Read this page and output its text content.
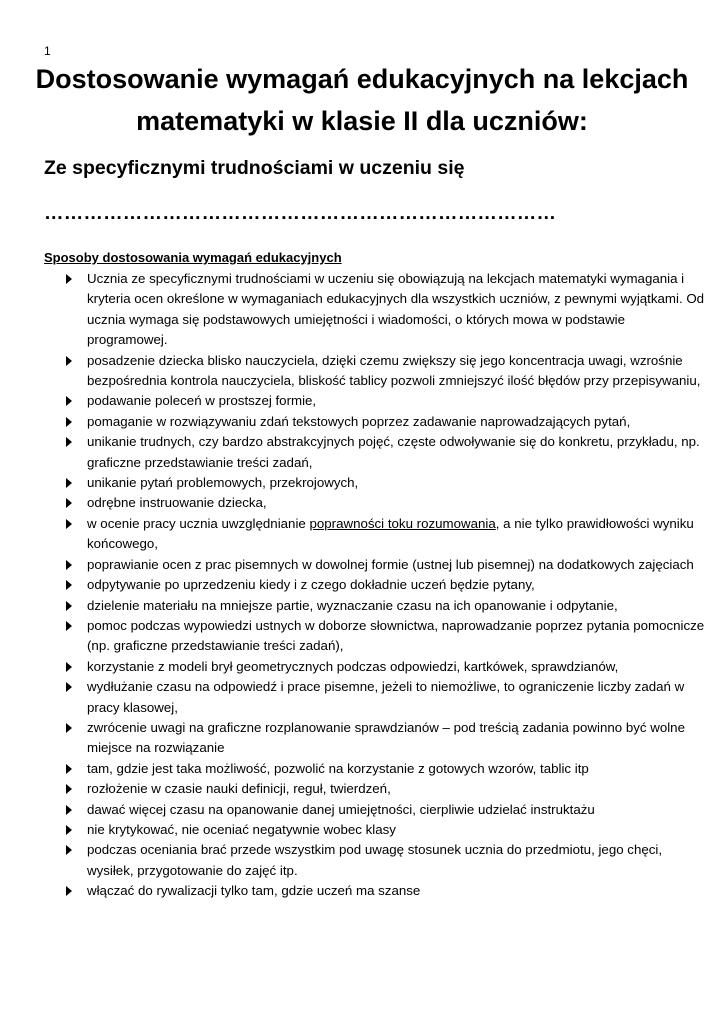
1
Dostosowanie wymagań edukacyjnych na lekcjach
matematyki w klasie II dla uczniów:
Ze specyficznymi trudnościami w uczeniu się
……………………………………………………………………
Sposoby dostosowania wymagań edukacyjnych
Ucznia ze specyficznymi trudnościami w uczeniu się obowiązują na lekcjach matematyki wymagania i kryteria ocen określone w wymaganiach edukacyjnych dla wszystkich uczniów, z pewnymi wyjątkami. Od ucznia wymaga się podstawowych umiejętności i wiadomości, o których mowa w podstawie programowej.
posadzenie dziecka blisko nauczyciela, dzięki czemu zwiększy się jego koncentracja uwagi, wzrośnie bezpośrednia kontrola nauczyciela, bliskość tablicy pozwoli zmniejszyć ilość błędów przy przepisywaniu,
podawanie poleceń w prostszej formie,
pomaganie w rozwiązywaniu zdań tekstowych poprzez zadawanie naprowadzających pytań,
unikanie trudnych, czy bardzo abstrakcyjnych pojęć, częste odwoływanie się do konkretu, przykładu, np. graficzne przedstawianie treści zadań,
unikanie pytań problemowych, przekrojowych,
odrębne instruowanie dziecka,
w ocenie pracy ucznia uwzględnianie poprawności toku rozumowania, a nie tylko prawidłowości wyniku końcowego,
poprawianie ocen z prac pisemnych w dowolnej formie (ustnej lub pisemnej) na dodatkowych zajęciach
odpytywanie po uprzedzeniu kiedy i z czego dokładnie uczeń będzie pytany,
dzielenie materiału na mniejsze partie, wyznaczanie czasu na ich opanowanie i odpytanie,
pomoc podczas wypowiedzi ustnych w doborze słownictwa, naprowadzanie poprzez pytania pomocnicze (np. graficzne przedstawianie treści zadań),
korzystanie z modeli brył geometrycznych podczas odpowiedzi, kartkówek, sprawdzianów,
wydłużanie czasu na odpowiedź i prace pisemne, jeżeli to niemożliwe, to ograniczenie liczby zadań w pracy klasowej,
zwrócenie uwagi na graficzne rozplanowanie sprawdzianów – pod treścią zadania powinno być wolne miejsce na rozwiązanie
tam, gdzie jest taka możliwość, pozwolić na korzystanie z gotowych wzorów, tablic itp
rozłożenie w czasie nauki definicji, reguł, twierdzeń,
dawać więcej czasu na opanowanie danej umiejętności, cierpliwie udzielać instruktażu
nie krytykować, nie oceniać negatywnie wobec klasy
podczas oceniania brać przede wszystkim pod uwagę stosunek ucznia do przedmiotu, jego chęci, wysiłek, przygotowanie do zajęć itp.
włączać do rywalizacji tylko tam, gdzie uczeń ma szanse
